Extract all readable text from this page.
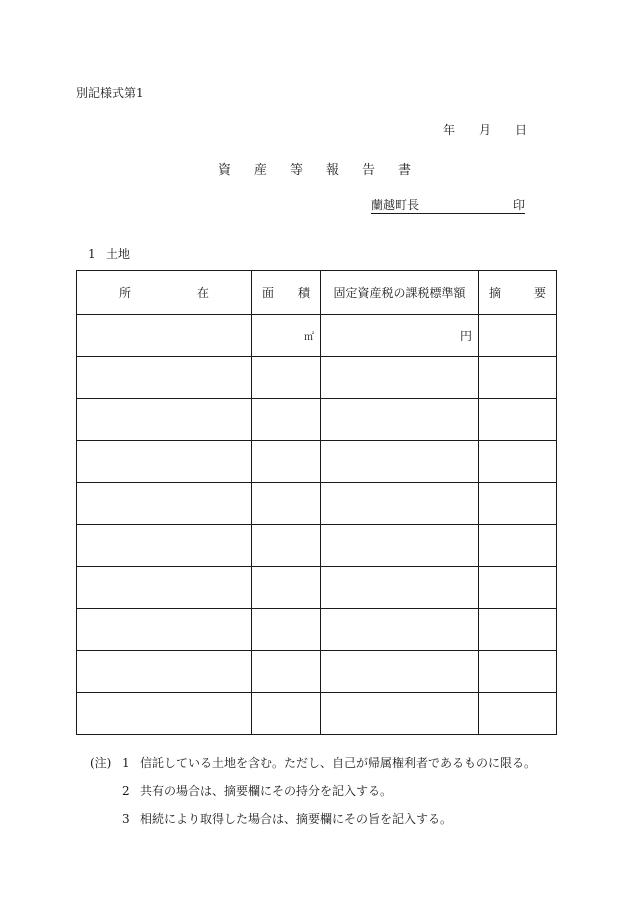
別記様式第1
年 月 日
資 産 等 報 告 書
蘭越町長	印
1 土地
所 在	面 積	固定資産税の課税標準額	摘 要

	㎡	円	

(注) 1 信託している土地を含む。ただし、自己が帰属権利者であるものに限る。
2 共有の場合は、摘要欄にその持分を記入する。
3 相続により取得した場合は、摘要欄にその旨を記入する。
